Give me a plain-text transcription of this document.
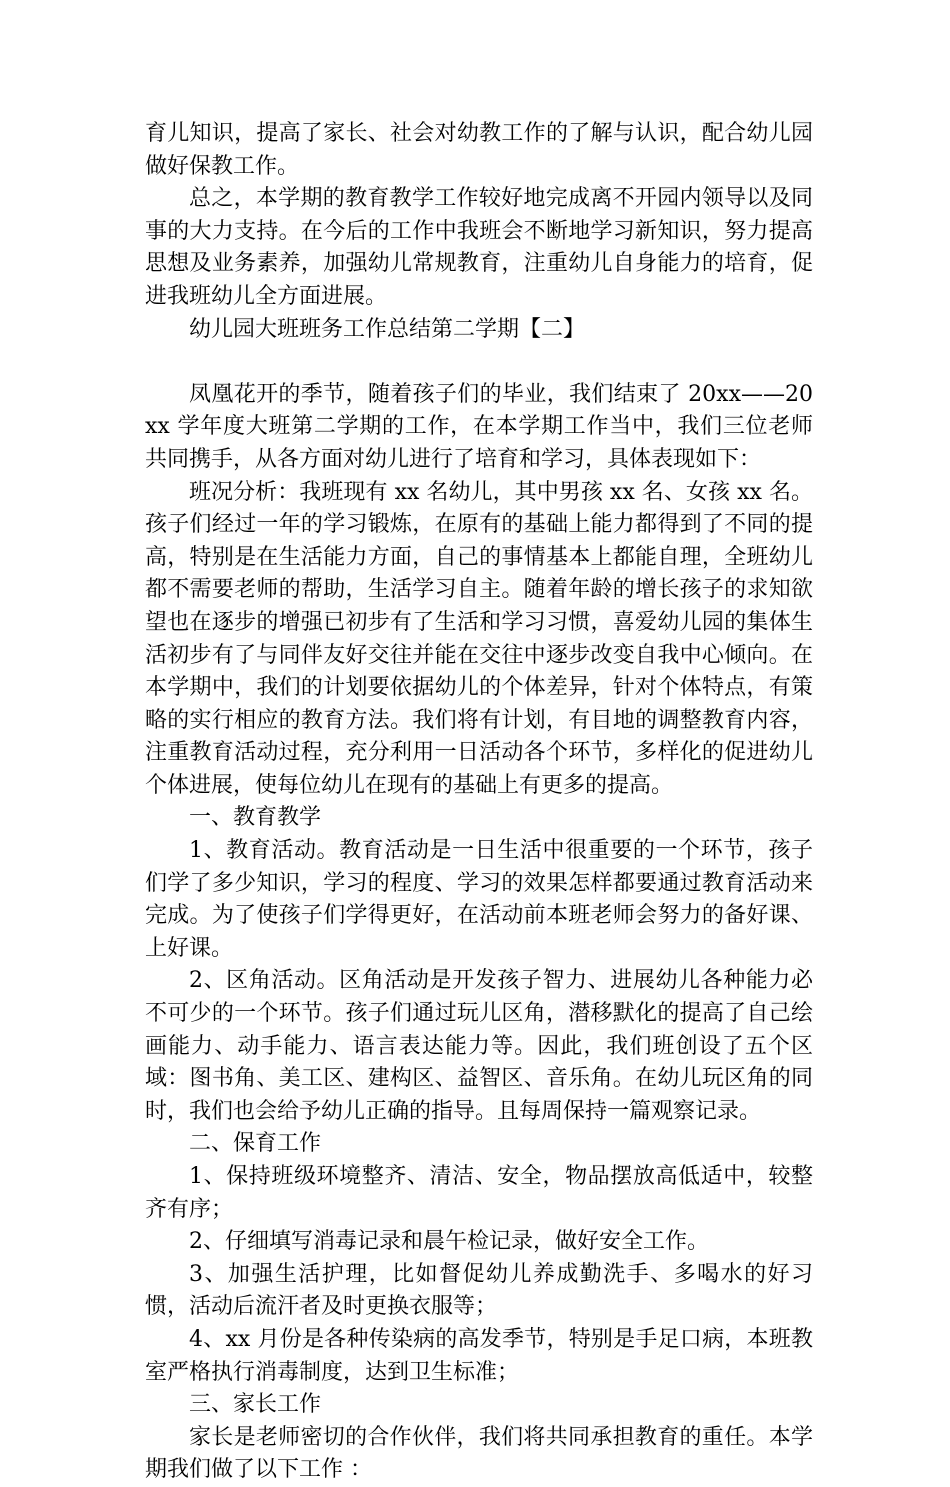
育儿知识，提高了家长、社会对幼教工作的了解与认识，配合幼儿园做好保教工作。

总之，本学期的教育教学工作较好地完成离不开园内领导以及同事的大力支持。在今后的工作中我班会不断地学习新知识，努力提高思想及业务素养，加强幼儿常规教育，注重幼儿自身能力的培育，促进我班幼儿全方面进展。

幼儿园大班班务工作总结第二学期【二】

凤凰花开的季节，随着孩子们的毕业，我们结束了 20xx——20xx 学年度大班第二学期的工作，在本学期工作当中，我们三位老师共同携手，从各方面对幼儿进行了培育和学习，具体表现如下：

班况分析：我班现有 xx 名幼儿，其中男孩 xx 名、女孩 xx 名。孩子们经过一年的学习锻炼，在原有的基础上能力都得到了不同的提高，特别是在生活能力方面，自己的事情基本上都能自理，全班幼儿都不需要老师的帮助，生活学习自主。随着年龄的增长孩子的求知欲望也在逐步的增强已初步有了生活和学习习惯，喜爱幼儿园的集体生活初步有了与同伴友好交往并能在交往中逐步改变自我中心倾向。在本学期中，我们的计划要依据幼儿的个体差异，针对个体特点，有策略的实行相应的教育方法。我们将有计划，有目地的调整教育内容，注重教育活动过程，充分利用一日活动各个环节，多样化的促进幼儿个体进展，使每位幼儿在现有的基础上有更多的提高。

一、教育教学

1、教育活动。教育活动是一日生活中很重要的一个环节，孩子们学了多少知识，学习的程度、学习的效果怎样都要通过教育活动来完成。为了使孩子们学得更好，在活动前本班老师会努力的备好课、上好课。

2、区角活动。区角活动是开发孩子智力、进展幼儿各种能力必不可少的一个环节。孩子们通过玩儿区角，潜移默化的提高了自己绘画能力、动手能力、语言表达能力等。因此，我们班创设了五个区域：图书角、美工区、建构区、益智区、音乐角。在幼儿玩区角的同时，我们也会给予幼儿正确的指导。且每周保持一篇观察记录。

二、保育工作

1、保持班级环境整齐、清洁、安全，物品摆放高低适中，较整齐有序；

2、仔细填写消毒记录和晨午检记录，做好安全工作。

3、加强生活护理，比如督促幼儿养成勤洗手、多喝水的好习惯，活动后流汗者及时更换衣服等；

4、xx 月份是各种传染病的高发季节，特别是手足口病，本班教室严格执行消毒制度，达到卫生标准；

三、家长工作

家长是老师密切的合作伙伴，我们将共同承担教育的重任。本学期我们做了以下工作 ：
